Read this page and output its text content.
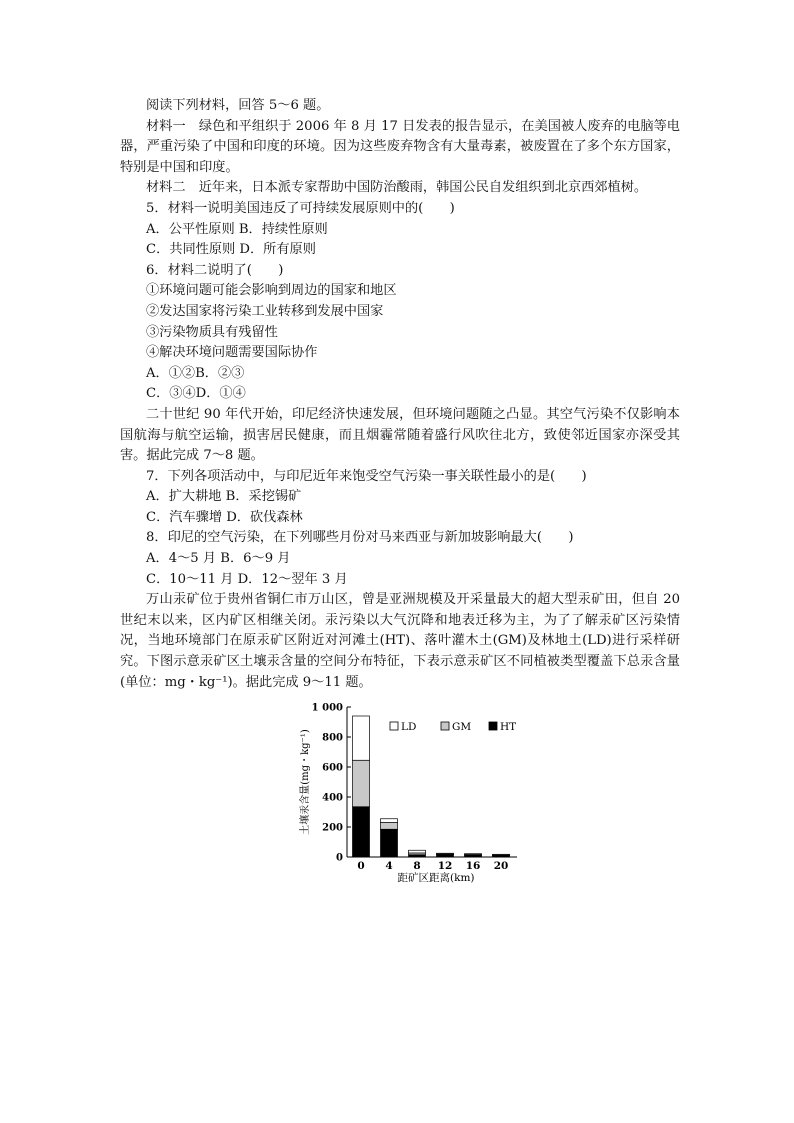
阅读下列材料，回答 5～6 题。

材料一　绿色和平组织于 2006 年 8 月 17 日发表的报告显示，在美国被人废弃的电脑等电器，严重污染了中国和印度的环境。因为这些废弃物含有大量毒素，被废置在了多个东方国家，特别是中国和印度。

材料二　近年来，日本派专家帮助中国防治酸雨，韩国公民自发组织到北京西郊植树。

5．材料一说明美国违反了可持续发展原则中的(　　)

A．公平性原则 B．持续性原则

C．共同性原则 D．所有原则

6．材料二说明了(　　)

①环境问题可能会影响到周边的国家和地区

②发达国家将污染工业转移到发展中国家

③污染物质具有残留性

④解决环境问题需要国际协作

A．①②B．②③

C．③④D．①④

二十世纪 90 年代开始，印尼经济快速发展，但环境问题随之凸显。其空气污染不仅影响本国航海与航空运输，损害居民健康，而且烟霾常随着盛行风吹往北方，致使邻近国家亦深受其害。据此完成 7～8 题。

7．下列各项活动中，与印尼近年来饱受空气污染一事关联性最小的是(　　)

A．扩大耕地 B．采挖锡矿

C．汽车骤增 D．砍伐森林

8．印尼的空气污染，在下列哪些月份对马来西亚与新加坡影响最大(　　)

A．4～5 月 B．6～9 月

C．10～11 月 D．12～翌年 3 月

万山汞矿位于贵州省铜仁市万山区，曾是亚洲规模及开采量最大的超大型汞矿田，但自 20 世纪末以来，区内矿区相继关闭。汞污染以大气沉降和地表迁移为主，为了了解汞矿区污染情况，当地环境部门在原汞矿区附近对河滩土(HT)、落叶灌木土(GM)及林地土(LD)进行采样研究。下图示意汞矿区土壤汞含量的空间分布特征，下表示意汞矿区不同植被类型覆盖下总汞含量(单位：mg・kg⁻¹)。据此完成 9～11 题。

0
200
400
600
800
1 000
0 4 8 12 16 20
LD	GM	HT
土壤汞含量(mg・kg⁻¹)
距矿区距离(km)
